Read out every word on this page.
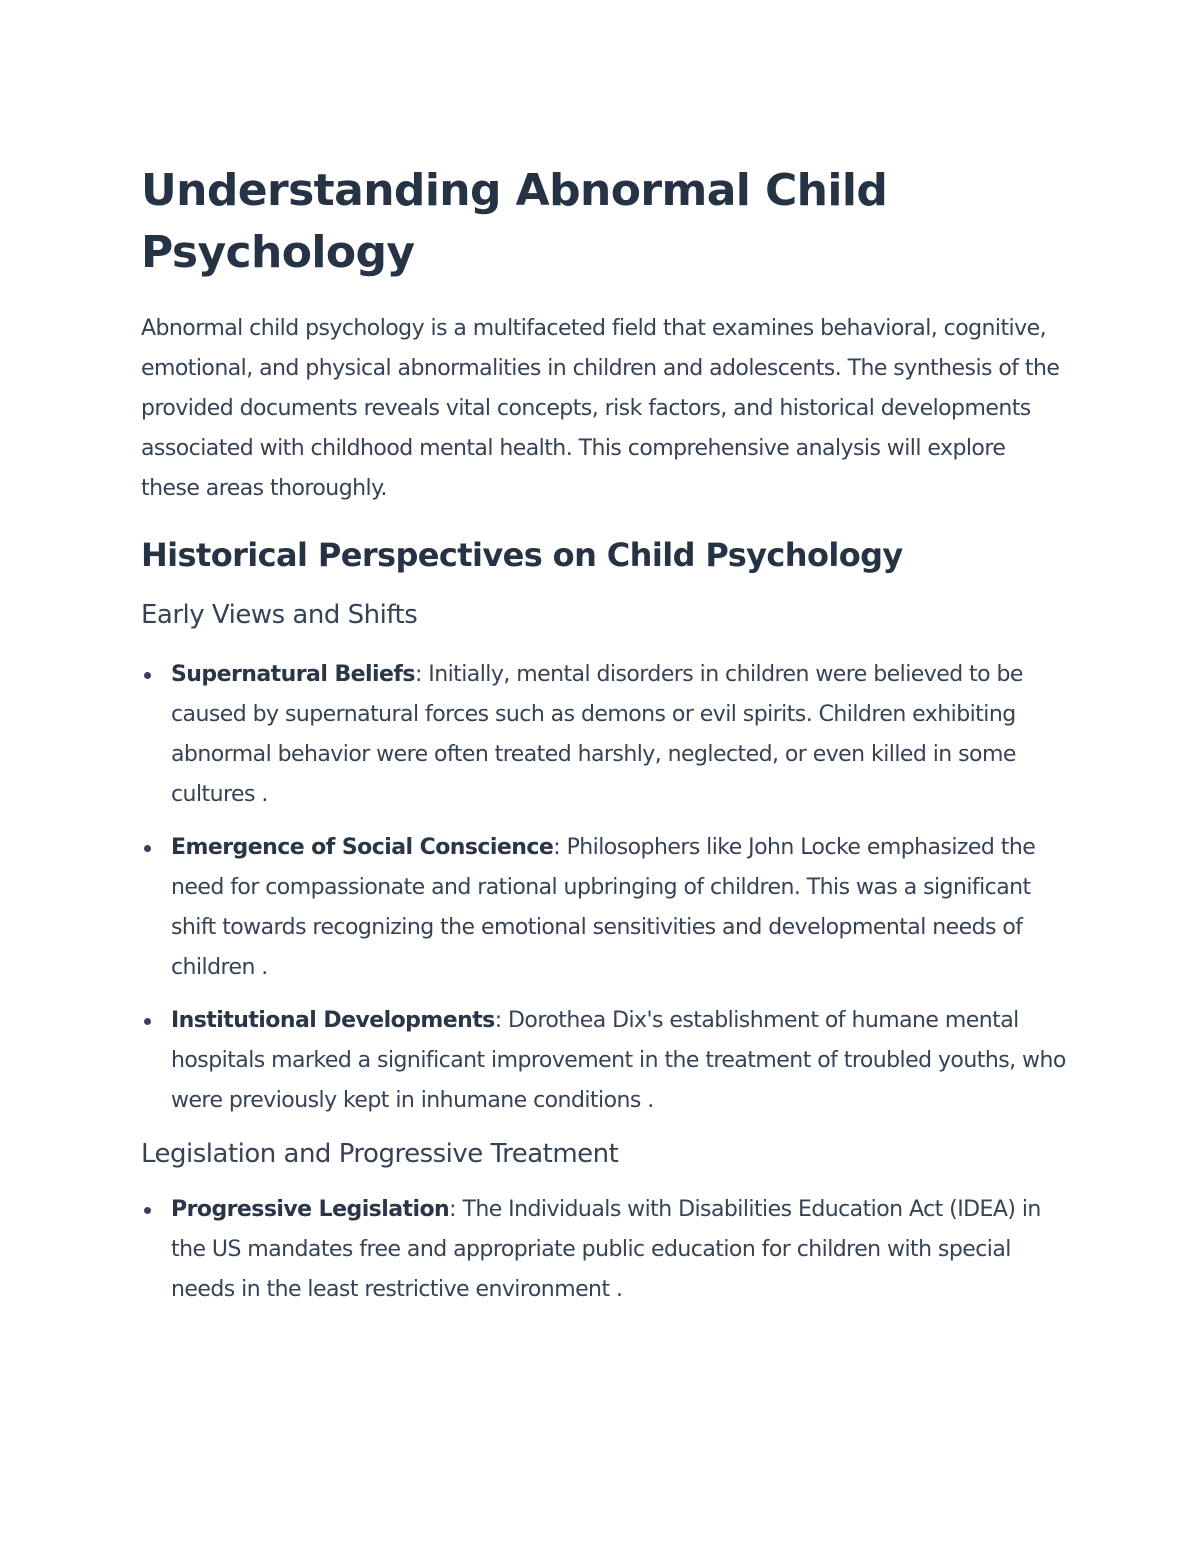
Understanding Abnormal Child Psychology

Abnormal child psychology is a multifaceted field that examines behavioral, cognitive, emotional, and physical abnormalities in children and adolescents. The synthesis of the provided documents reveals vital concepts, risk factors, and historical developments associated with childhood mental health. This comprehensive analysis will explore these areas thoroughly.

Historical Perspectives on Child Psychology
Early Views and Shifts
Supernatural Beliefs: Initially, mental disorders in children were believed to be caused by supernatural forces such as demons or evil spirits. Children exhibiting abnormal behavior were often treated harshly, neglected, or even killed in some cultures .
Emergence of Social Conscience: Philosophers like John Locke emphasized the need for compassionate and rational upbringing of children. This was a significant shift towards recognizing the emotional sensitivities and developmental needs of children .
Institutional Developments: Dorothea Dix's establishment of humane mental hospitals marked a significant improvement in the treatment of troubled youths, who were previously kept in inhumane conditions .
Legislation and Progressive Treatment
Progressive Legislation: The Individuals with Disabilities Education Act (IDEA) in the US mandates free and appropriate public education for children with special needs in the least restrictive environment .
